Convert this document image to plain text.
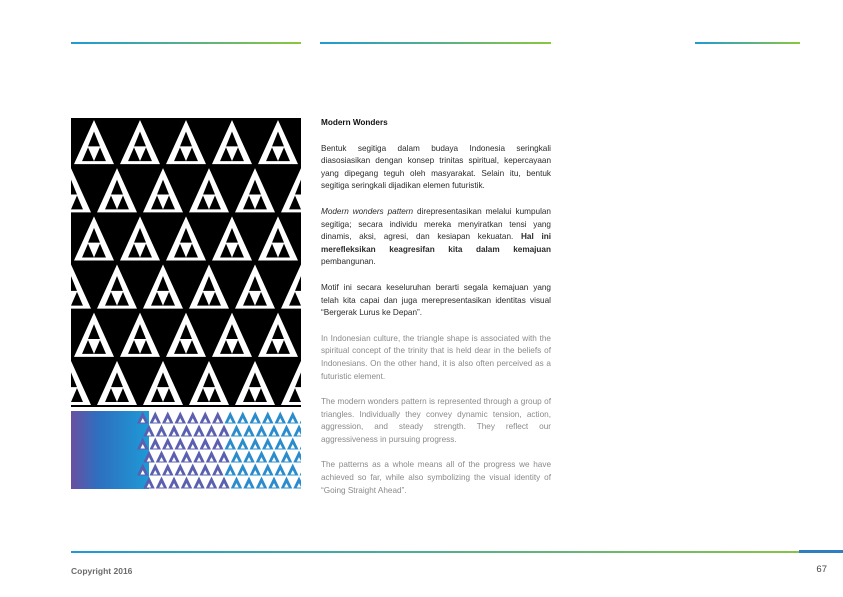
Modern Wonders

Bentuk segitiga dalam budaya Indonesia seringkali diasosiasikan dengan konsep trinitas spiritual, kepercayaan yang dipegang teguh oleh masyarakat. Selain itu, bentuk segitiga seringkali dijadikan elemen futuristik.

Modern wonders pattern direpresentasikan melalui kumpulan segitiga; secara individu mereka menyiratkan tensi yang dinamis, aksi, agresi, dan kesiapan kekuatan. Hal ini merefleksikan keagresifan kita dalam kemajuan pembangunan.

Motif ini secara keseluruhan berarti segala kemajuan yang telah kita capai dan juga merepresentasikan identitas visual “Bergerak Lurus ke Depan”.

In Indonesian culture, the triangle shape is associated with the spiritual concept of the trinity that is held dear in the beliefs of Indonesians. On the other hand, it is also often perceived as a futuristic element.

The modern wonders pattern is represented through a group of triangles. Individually they convey dynamic tension, action, aggression, and steady strength. They reflect our aggressiveness in pursuing progress.

The patterns as a whole means all of the progress we have achieved so far, while also symbolizing the visual identity of “Going Straight Ahead”.

Copyright 2016	67
